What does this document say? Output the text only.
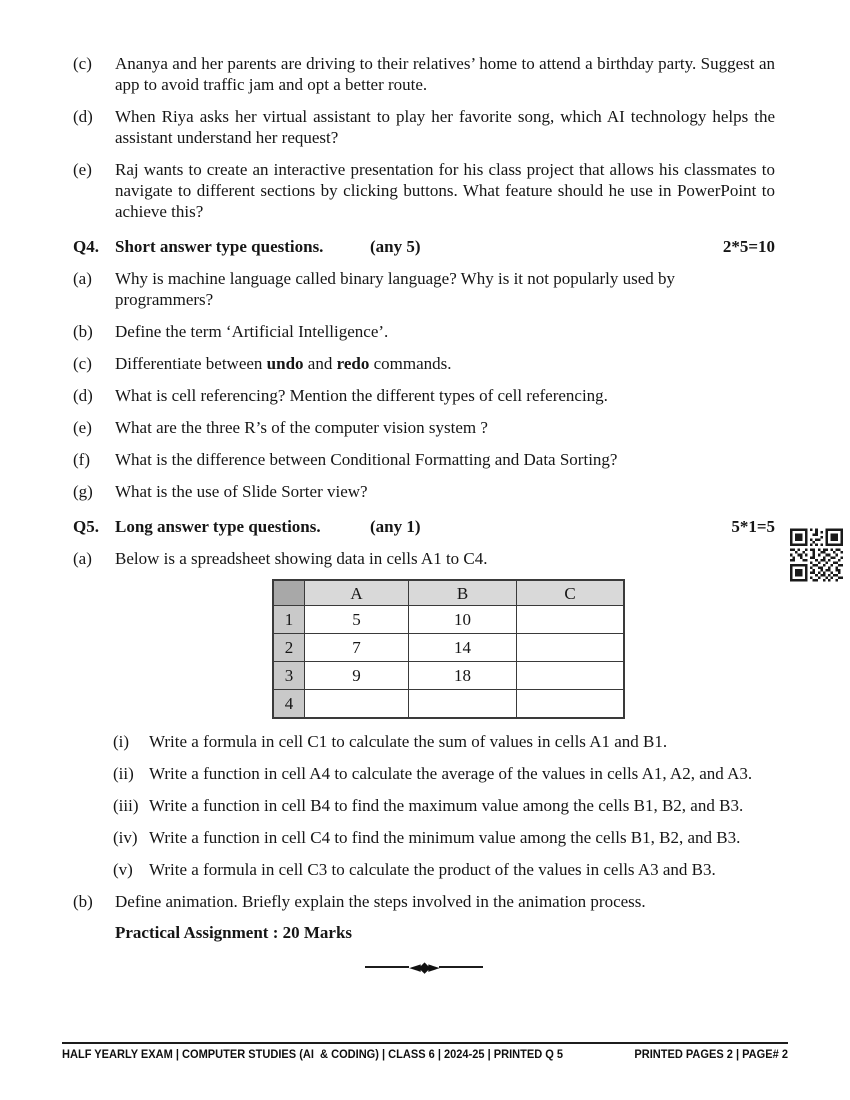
(c)	Ananya and her parents are driving to their relatives’ home to attend a birthday party. Suggest an app to avoid traffic jam and opt a better route.
(d)	When Riya asks her virtual assistant to play her favorite song, which AI technology helps the assistant understand her request?
(e)	Raj wants to create an interactive presentation for his class project that allows his classmates to navigate to different sections by clicking buttons. What feature should he use in PowerPoint to achieve this?
Q4. Short answer type questions.	(any 5)	2*5=10
(a)	Why is machine language called binary language? Why is it not popularly used by programmers?
(b)	Define the term ‘Artificial Intelligence’.
(c)	Differentiate between undo and redo commands.
(d)	What is cell referencing? Mention the different types of cell referencing.
(e)	What are the three R’s of the computer vision system ?
(f)	What is the difference between Conditional Formatting and Data Sorting?
(g)	What is the use of Slide Sorter view?
Q5. Long answer type questions.	(any 1)	5*1=5
(a)	Below is a spreadsheet showing data in cells A1 to C4.
	A	B	C
1	5	10	
2	7	14	
3	9	18	
4			
(i)	Write a formula in cell C1 to calculate the sum of values in cells A1 and B1.
(ii) Write a function in cell A4 to calculate the average of the values in cells A1, A2, and A3.
(iii) Write a function in cell B4 to find the maximum value among the cells B1, B2, and B3.
(iv) Write a function in cell C4 to find the minimum value among the cells B1, B2, and B3.
(v) Write a formula in cell C3 to calculate the product of the values in cells A3 and B3.
(b)	Define animation. Briefly explain the steps involved in the animation process.
Practical Assignment : 20 Marks
◄◆►
HALF YEARLY EXAM | COMPUTER STUDIES (AI  & CODING) | CLASS 6 | 2024-25 | PRINTED Q 5	PRINTED PAGES 2 | PAGE# 2
